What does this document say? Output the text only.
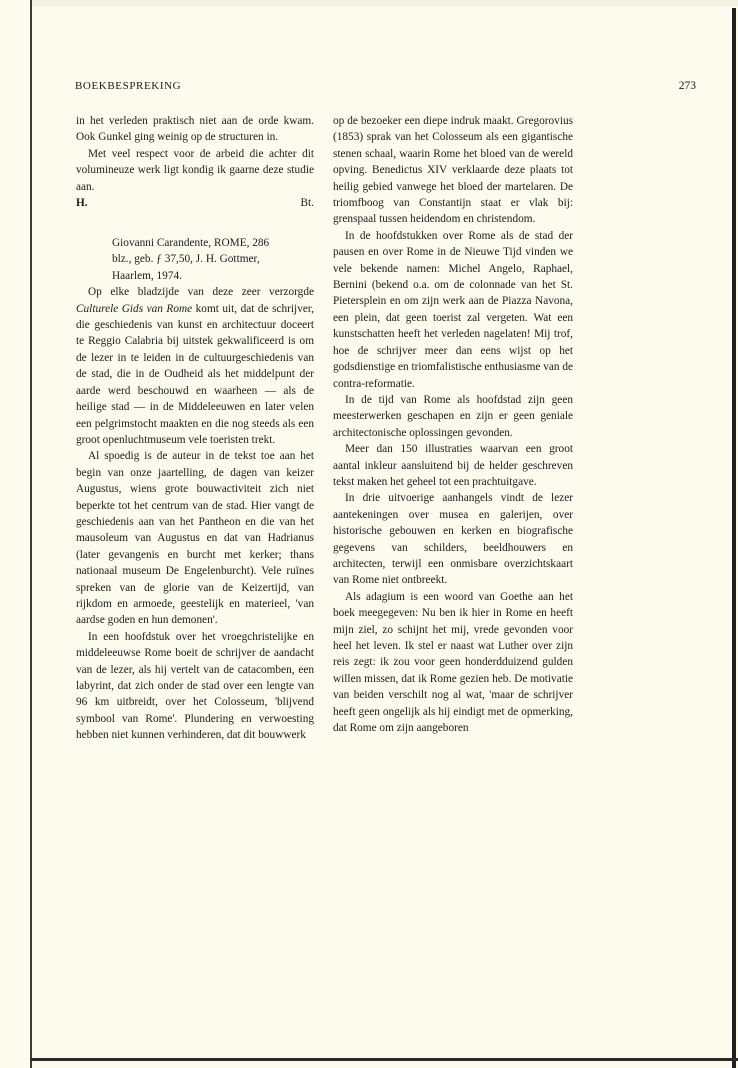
BOEKBESPREKING	273

in het verleden praktisch niet aan de orde kwam. Ook Gunkel ging weinig op de structuren in.

Met veel respect voor de arbeid die achter dit volumineuze werk ligt kondig ik gaarne deze studie aan.

H.	Bt.

Giovanni Carandente, ROME, 286
blz., geb. ƒ 37,50, J. H. Gottmer,
Haarlem, 1974.

Op elke bladzijde van deze zeer verzorgde Culturele Gids van Rome komt uit, dat de schrijver, die geschiedenis van kunst en architectuur doceert te Reggio Calabria bij uitstek gekwalificeerd is om de lezer in te leiden in de cultuurgeschiedenis van de stad, die in de Oudheid als het middelpunt der aarde werd beschouwd en waarheen — als de heilige stad — in de Middeleeuwen en later velen een pelgrimstocht maakten en die nog steeds als een groot openluchtmuseum vele toeristen trekt.

Al spoedig is de auteur in de tekst toe aan het begin van onze jaartelling, de dagen van keizer Augustus, wiens grote bouwactiviteit zich niet beperkte tot het centrum van de stad. Hier vangt de geschiedenis aan van het Pantheon en die van het mausoleum van Augustus en dat van Hadrianus (later gevangenis en burcht met kerker; thans nationaal museum De Engelenburcht). Vele ruïnes spreken van de glorie van de Keizertijd, van rijkdom en armoede, geestelijk en materieel, 'van aardse goden en hun demonen'.

In een hoofdstuk over het vroegchristelijke en middeleeuwse Rome boeit de schrijver de aandacht van de lezer, als hij vertelt van de catacomben, een labyrint, dat zich onder de stad over een lengte van 96 km uitbreidt, over het Colosseum, 'blijvend symbool van Rome'. Plundering en verwoesting hebben niet kunnen verhinderen, dat dit bouwwerk

op de bezoeker een diepe indruk maakt. Gregorovius (1853) sprak van het Colosseum als een gigantische stenen schaal, waarin Rome het bloed van de wereld opving. Benedictus XIV verklaarde deze plaats tot heilig gebied vanwege het bloed der martelaren. De triomfboog van Constantijn staat er vlak bij: grenspaal tussen heidendom en christendom.

In de hoofdstukken over Rome als de stad der pausen en over Rome in de Nieuwe Tijd vinden we vele bekende namen: Michel Angelo, Raphael, Bernini (bekend o.a. om de colonnade van het St. Pietersplein en om zijn werk aan de Piazza Navona, een plein, dat geen toerist zal vergeten. Wat een kunstschatten heeft het verleden nagelaten! Mij trof, hoe de schrijver meer dan eens wijst op het godsdienstige en triomfalistische enthusiasme van de contra-reformatie.

In de tijd van Rome als hoofdstad zijn geen meesterwerken geschapen en zijn er geen geniale architectonische oplossingen gevonden.

Meer dan 150 illustraties waarvan een groot aantal inkleur aansluitend bij de helder geschreven tekst maken het geheel tot een prachtuitgave.

In drie uitvoerige aanhangels vindt de lezer aantekeningen over musea en galerijen, over historische gebouwen en kerken en biografische gegevens van schilders, beeldhouwers en architecten, terwijl een onmisbare overzichtskaart van Rome niet ontbreekt.

Als adagium is een woord van Goethe aan het boek meegegeven: Nu ben ik hier in Rome en heeft mijn ziel, zo schijnt het mij, vrede gevonden voor heel het leven. Ik stel er naast wat Luther over zijn reis zegt: ik zou voor geen honderdduizend gulden willen missen, dat ik Rome gezien heb. De motivatie van beiden verschilt nog al wat, 'maar de schrijver heeft geen ongelijk als hij eindigt met de opmerking, dat Rome om zijn aangeboren
